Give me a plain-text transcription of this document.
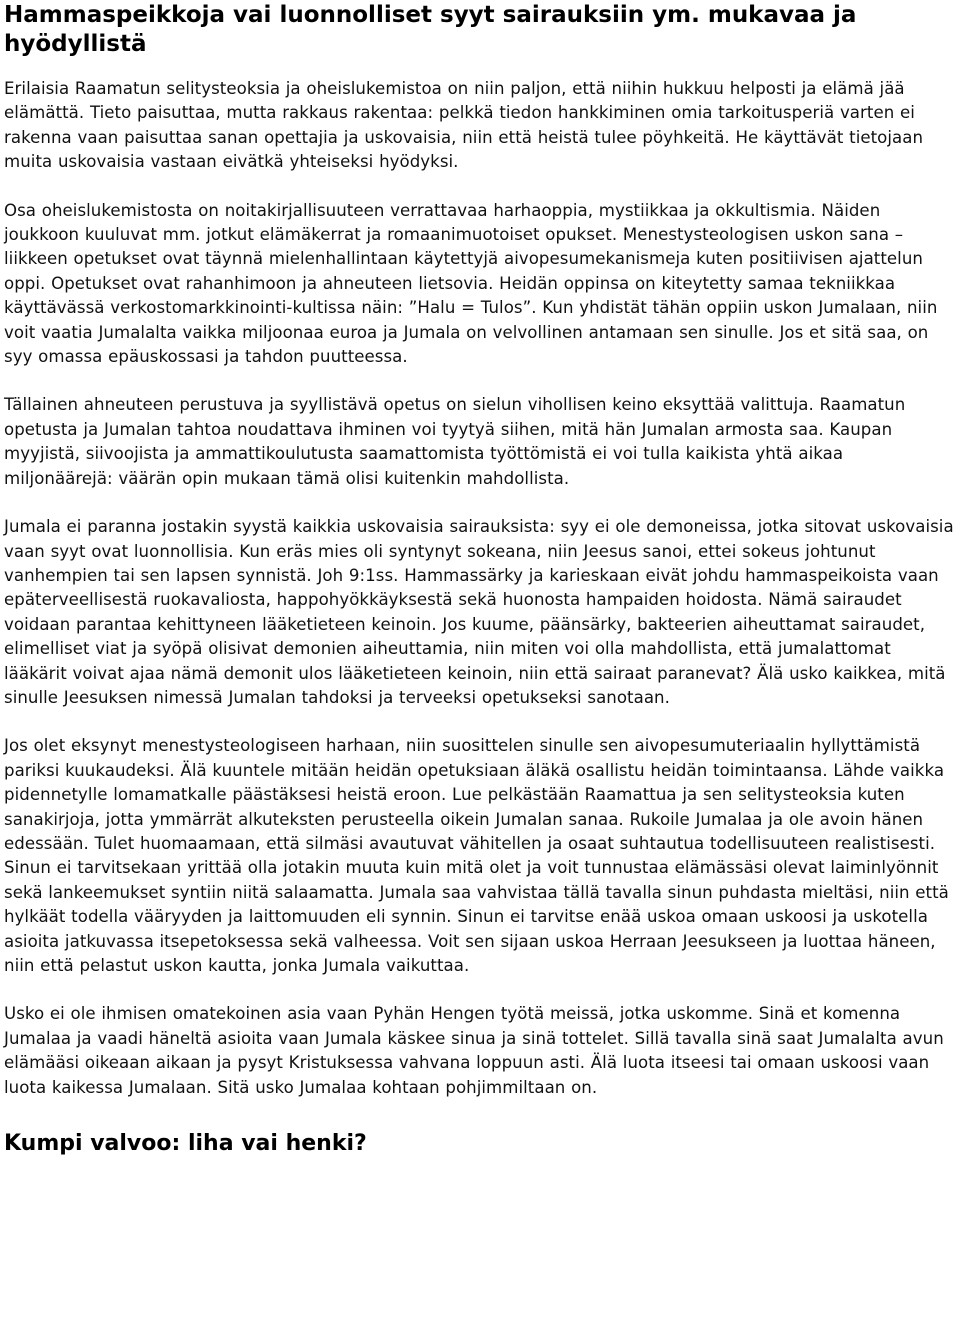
Hammaspeikkoja vai luonnolliset syyt sairauksiin ym. mukavaa ja hyödyllistä

Erilaisia Raamatun selitysteoksia ja oheislukemistoa on niin paljon, että niihin hukkuu helposti ja elämä jää elämättä. Tieto paisuttaa, mutta rakkaus rakentaa: pelkkä tiedon hankkiminen omia tarkoitusperiä varten ei rakenna vaan paisuttaa sanan opettajia ja uskovaisia, niin että heistä tulee pöyhkeitä. He käyttävät tietojaan muita uskovaisia vastaan eivätkä yhteiseksi hyödyksi.

Osa oheislukemistosta on noitakirjallisuuteen verrattavaa harhaoppia, mystiikkaa ja okkultismia. Näiden joukkoon kuuluvat mm. jotkut elämäkerrat ja romaanimuotoiset opukset. Menestysteologisen uskon sana –liikkeen opetukset ovat täynnä mielenhallintaan käytettyjä aivopesumekanismeja kuten positiivisen ajattelun oppi. Opetukset ovat rahanhimoon ja ahneuteen lietsovia. Heidän oppinsa on kiteytetty samaa tekniikkaa käyttävässä verkostomarkkinointi-kultissa näin: ”Halu = Tulos”. Kun yhdistät tähän oppiin uskon Jumalaan, niin voit vaatia Jumalalta vaikka miljoonaa euroa ja Jumala on velvollinen antamaan sen sinulle. Jos et sitä saa, on syy omassa epäuskossasi ja tahdon puutteessa.

Tällainen ahneuteen perustuva ja syyllistävä opetus on sielun vihollisen keino eksyttää valittuja. Raamatun opetusta ja Jumalan tahtoa noudattava ihminen voi tyytyä siihen, mitä hän Jumalan armosta saa. Kaupan myyjistä, siivoojista ja ammattikoulutusta saamattomista työttömistä ei voi tulla kaikista yhtä aikaa miljonäärejä: väärän opin mukaan tämä olisi kuitenkin mahdollista.

Jumala ei paranna jostakin syystä kaikkia uskovaisia sairauksista: syy ei ole demoneissa, jotka sitovat uskovaisia vaan syyt ovat luonnollisia. Kun eräs mies oli syntynyt sokeana, niin Jeesus sanoi, ettei sokeus johtunut vanhempien tai sen lapsen synnistä. Joh 9:1ss. Hammassärky ja karieskaan eivät johdu hammaspeikoista vaan epäterveellisestä ruokavaliosta, happohyökkäyksestä sekä huonosta hampaiden hoidosta. Nämä sairaudet voidaan parantaa kehittyneen lääketieteen keinoin. Jos kuume, päänsärky, bakteerien aiheuttamat sairaudet, elimelliset viat ja syöpä olisivat demonien aiheuttamia, niin miten voi olla mahdollista, että jumalattomat lääkärit voivat ajaa nämä demonit ulos lääketieteen keinoin, niin että sairaat paranevat? Älä usko kaikkea, mitä sinulle Jeesuksen nimessä Jumalan tahdoksi ja terveeksi opetukseksi sanotaan.

Jos olet eksynyt menestysteologiseen harhaan, niin suosittelen sinulle sen aivopesumuteriaalin hyllyttämistä pariksi kuukaudeksi. Älä kuuntele mitään heidän opetuksiaan äläkä osallistu heidän toimintaansa. Lähde vaikka pidennetylle lomamatkalle päästäksesi heistä eroon. Lue pelkästään Raamattua ja sen selitysteoksia kuten sanakirjoja, jotta ymmärrät alkuteksten perusteella oikein Jumalan sanaa. Rukoile Jumalaa ja ole avoin hänen edessään. Tulet huomaamaan, että silmäsi avautuvat vähitellen ja osaat suhtautua todellisuuteen realistisesti. Sinun ei tarvitsekaan yrittää olla jotakin muuta kuin mitä olet ja voit tunnustaa elämässäsi olevat laiminlyönnit sekä lankeemukset syntiin niitä salaamatta. Jumala saa vahvistaa tällä tavalla sinun puhdasta mieltäsi, niin että hylkäät todella vääryyden ja laittomuuden eli synnin. Sinun ei tarvitse enää uskoa omaan uskoosi ja uskotella asioita jatkuvassa itsepetoksessa sekä valheessa. Voit sen sijaan uskoa Herraan Jeesukseen ja luottaa häneen, niin että pelastut uskon kautta, jonka Jumala vaikuttaa.

Usko ei ole ihmisen omatekoinen asia vaan Pyhän Hengen työtä meissä, jotka uskomme. Sinä et komenna Jumalaa ja vaadi häneltä asioita vaan Jumala käskee sinua ja sinä tottelet. Sillä tavalla sinä saat Jumalalta avun elämääsi oikeaan aikaan ja pysyt Kristuksessa vahvana loppuun asti. Älä luota itseesi tai omaan uskoosi vaan luota kaikessa Jumalaan. Sitä usko Jumalaa kohtaan pohjimmiltaan on.

Kumpi valvoo: liha vai henki?
